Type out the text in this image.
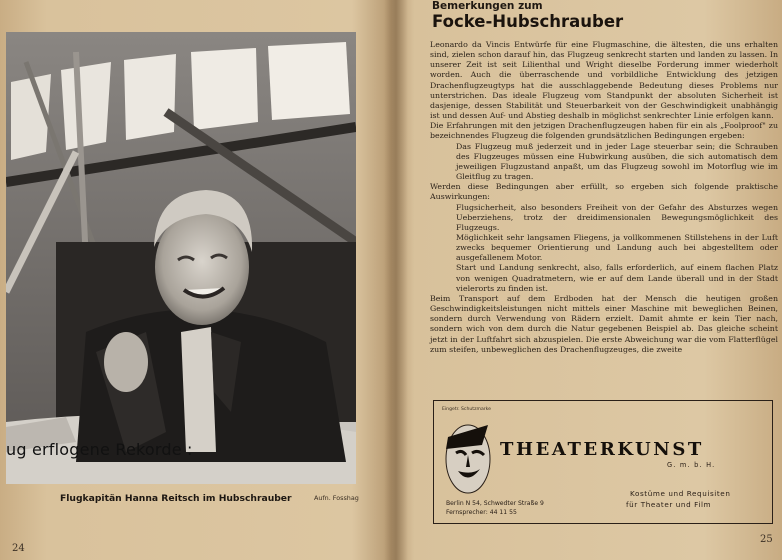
ug erflogene Rekorde :
Flugkapitän Hanna Reitsch im Hubschrauber	Aufn. Fosshag
24
Bemerkungen zum
Focke-Hubschrauber

Leonardo da Vincis Entwürfe für eine Flugmaschine, die ältesten, die uns erhalten sind, zielen schon darauf hin, das Flugzeug senkrecht starten und landen zu lassen. In unserer Zeit ist seit Lilienthal und Wright dieselbe Forderung immer wiederholt worden. Auch die überraschende und vorbildliche Entwicklung des jetzigen Drachenflugzeugtyps hat die ausschlaggebende Bedeutung dieses Problems nur unterstrichen. Das ideale Flugzeug vom Standpunkt der absoluten Sicherheit ist dasjenige, dessen Stabilität und Steuerbarkeit von der Geschwindigkeit unabhängig ist und dessen Auf- und Abstieg deshalb in möglichst senkrechter Linie erfolgen kann.

Die Erfahrungen mit den jetzigen Drachenflugzeugen haben für ein als „Foolproof" zu bezeichnendes Flugzeug die folgenden grundsätzlichen Bedingungen ergeben:

Das Flugzeug muß jederzeit und in jeder Lage steuerbar sein; die Schrauben des Flugzeuges müssen eine Hubwirkung ausüben, die sich automatisch dem jeweiligen Flugzustand anpaßt, um das Flugzeug sowohl im Motorflug wie im Gleitflug zu tragen.

Werden diese Bedingungen aber erfüllt, so ergeben sich folgende praktische Auswirkungen:

Flugsicherheit, also besonders Freiheit von der Gefahr des Absturzes wegen Ueberziehens, trotz der dreidimensionalen Bewegungsmöglichkeit des Flugzeugs.

Möglichkeit sehr langsamen Fliegens, ja vollkommenen Stillstehens in der Luft zwecks bequemer Orientierung und Landung auch bei abgestelltem oder ausgefallenem Motor.

Start und Landung senkrecht, also, falls erforderlich, auf einem flachen Platz von wenigen Quadratmetern, wie er auf dem Lande überall und in der Stadt vielerorts zu finden ist.

Beim Transport auf dem Erdboden hat der Mensch die heutigen großen Geschwindigkeitsleistungen nicht mittels einer Maschine mit beweglichen Beinen, sondern durch Verwendung von Rädern erzielt. Damit ahmte er kein Tier nach, sondern wich von dem durch die Natur gegebenen Beispiel ab. Das gleiche scheint jetzt in der Luftfahrt sich abzuspielen. Die erste Abweichung war die vom Flatterflügel zum steifen, unbeweglichen des Drachenflugzeuges, die zweite

Eingetr. Schutzmarke
THEATERKUNST
G. m. b. H.
Berlin N 54, Schwedter Straße 9
Fernsprecher: 44 11 55
Kostüme und Requisiten
für Theater und Film
25
